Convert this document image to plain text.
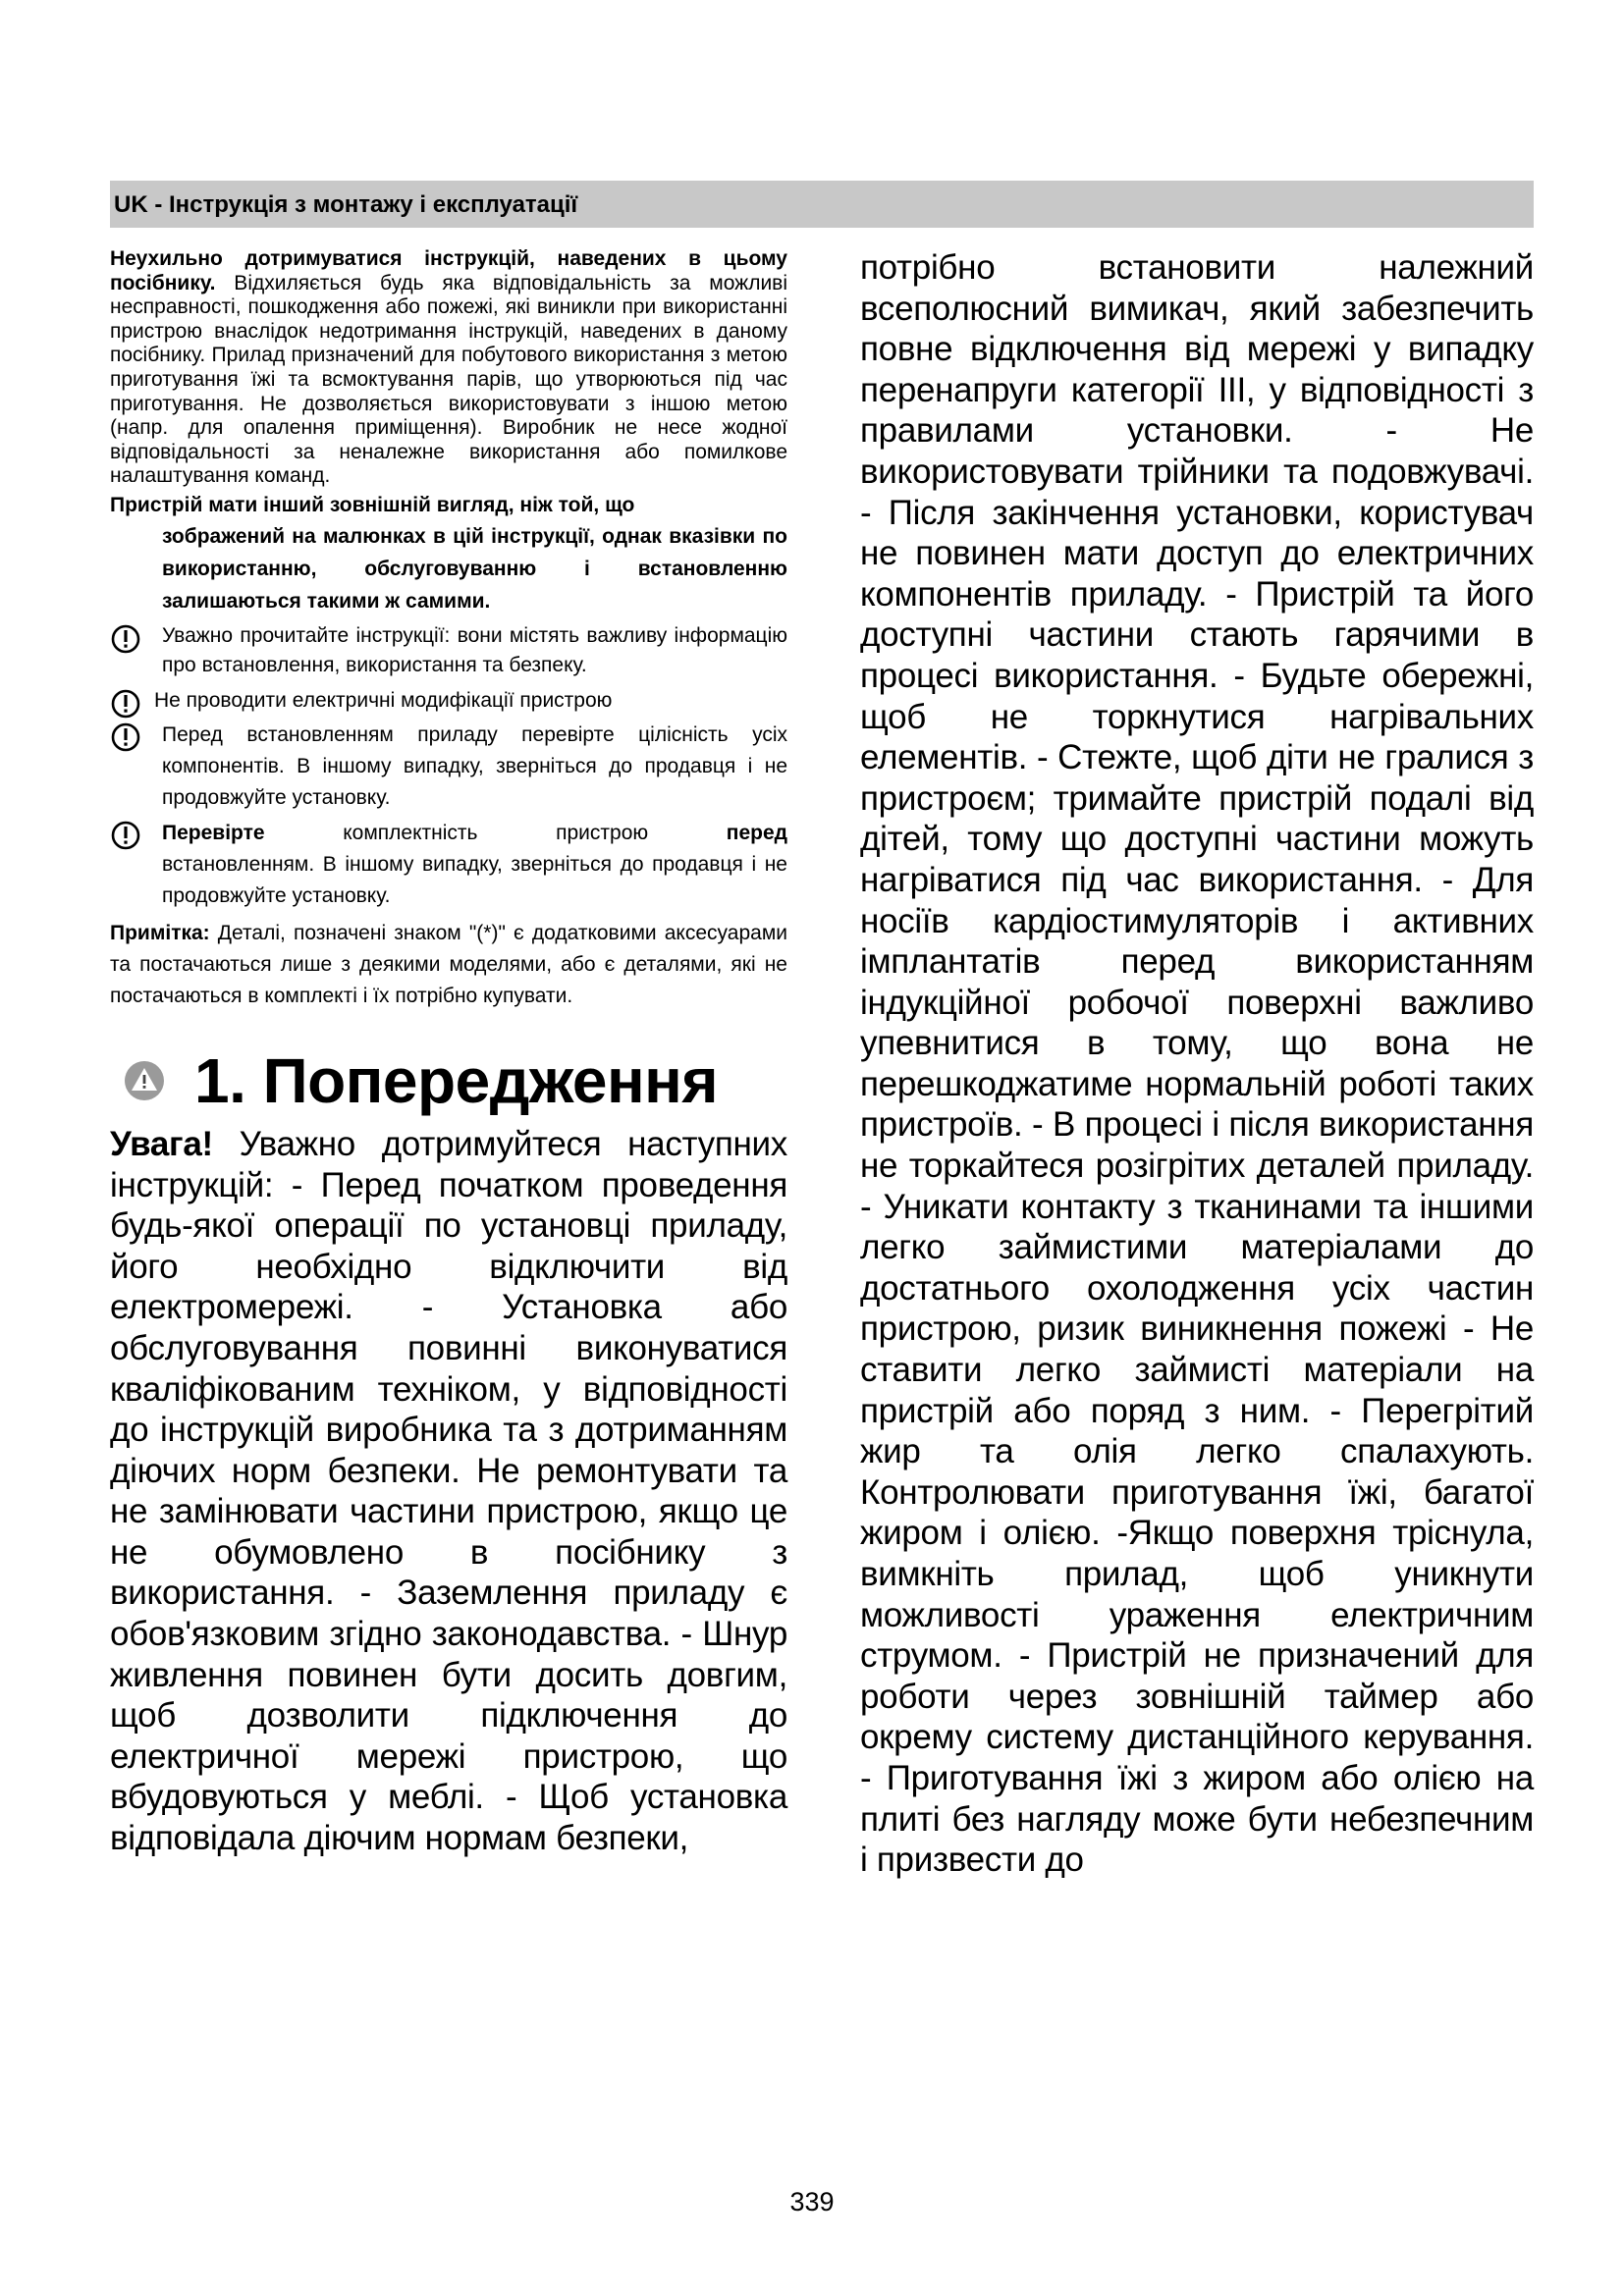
UK - Інструкція з монтажу і експлуатації

Неухильно дотримуватися інструкцій, наведених в цьому посібнику. Відхиляється будь яка відповідальність за можливі несправності, пошкодження або пожежі, які виникли при використанні пристрою внаслідок недотримання інструкцій, наведених в даному посібнику. Прилад призначений для побутового використання з метою приготування їжі та всмоктування парів, що утворюються під час приготування. Не дозволяється використовувати з іншою метою (напр. для опалення приміщення). Виробник не несе жодної відповідальності за неналежне використання або помилкове налаштування команд.

Пристрій мати інший зовнішній вигляд, ніж той, що

зображений на малюнках в цій інструкції, однак вказівки по використанню, обслуговуванню і встановленню залишаються такими ж самими.

Уважно прочитайте інструкції: вони містять важливу інформацію про встановлення, використання та безпеку.
Не проводити електричні модифікації пристрою
Перед встановленням приладу перевірте цілісність усіх компонентів. В іншому випадку, зверніться до продавця і не продовжуйте установку.
Перевірте комплектність пристрою перед встановленням. В іншому випадку, зверніться до продавця і не продовжуйте установку.

Примітка: Деталі, позначені знаком "(*)" є додатковими аксесуарами та постачаються лише з деякими моделями, або є деталями, які не постачаються в комплекті і їх потрібно купувати.

1. Попередження

Увага! Уважно дотримуйтеся наступних інструкцій: - Перед початком проведення будь-якої операції по установці приладу, його необхідно відключити від електромережі. - Установка або обслуговування повинні виконуватися кваліфікованим техніком, у відповідності до інструкцій виробника та з дотриманням діючих норм безпеки. Не ремонтувати та не замінювати частини пристрою, якщо це не обумовлено в посібнику з використання. - Заземлення приладу є обов'язковим згідно законодавства. - Шнур живлення повинен бути досить довгим, щоб дозволити підключення до електричної мережі пристрою, що вбудовуються у меблі. - Щоб установка відповідала діючим нормам безпеки,

потрібно встановити належний всеполюсний вимикач, який забезпечить повне відключення від мережі у випадку перенапруги категорії III, у відповідності з правилами установки. - Не використовувати трійники та подовжувачі. - Після закінчення установки, користувач не повинен мати доступ до електричних компонентів приладу. - Пристрій та його доступні частини стають гарячими в процесі використання. - Будьте обережні, щоб не торкнутися нагрівальних елементів. - Стежте, щоб діти не гралися з пристроєм; тримайте пристрій подалі від дітей, тому що доступні частини можуть нагріватися під час використання. - Для носіїв кардіостимуляторів і активних імплантатів перед використанням індукційної робочої поверхні важливо упевнитися в тому, що вона не перешкоджатиме нормальній роботі таких пристроїв. - В процесі і після використання не торкайтеся розігрітих деталей приладу. - Уникати контакту з тканинами та іншими легко займистими матеріалами до достатнього охолодження усіх частин пристрою, ризик виникнення пожежі - Не ставити легко займисті матеріали на пристрій або поряд з ним. - Перегрітий жир та олія легко спалахують. Контролювати приготування їжі, багатої жиром і олією. -Якщо поверхня тріснула, вимкніть прилад, щоб уникнути можливості ураження електричним струмом. - Пристрій не призначений для роботи через зовнішній таймер або окрему систему дистанційного керування. - Приготування їжі з жиром або олією на плиті без нагляду може бути небезпечним і призвести до

339
